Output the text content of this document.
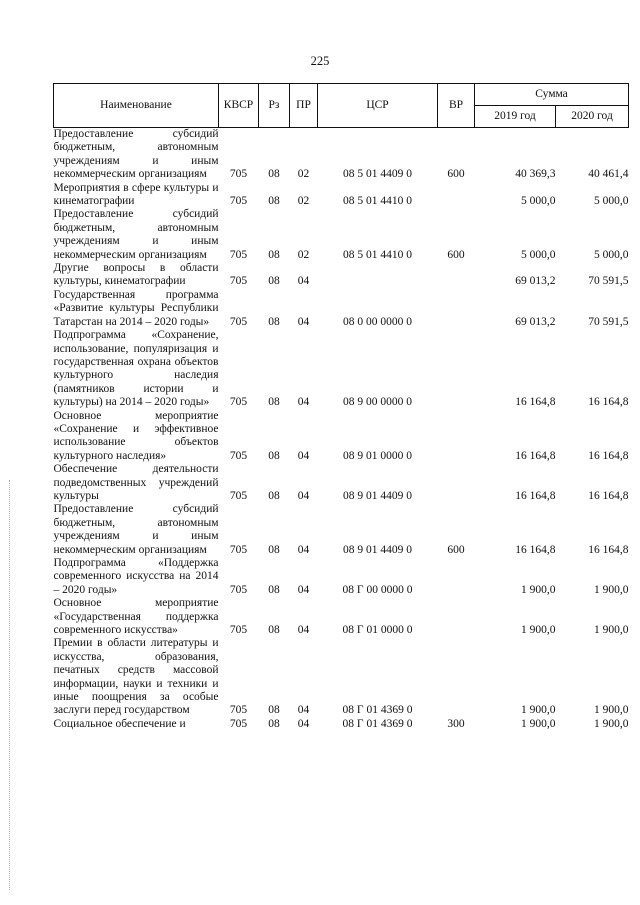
225
Наименование	КВСР	Рз	ПР	ЦСР	ВР	Сумма	
						2019 год	2020 год
Предоставление субсидий бюджетным, автономным учреждениям и иным некоммерческим организациям	705	08	02	08 5 01 4409 0	600	40 369,3	40 461,4
Мероприятия в сфере культуры и кинематографии	705	08	02	08 5 01 4410 0		5 000,0	5 000,0
Предоставление субсидий бюджетным, автономным учреждениям и иным некоммерческим организациям	705	08	02	08 5 01 4410 0	600	5 000,0	5 000,0
Другие вопросы в области культуры, кинематографии	705	08	04			69 013,2	70 591,5
Государственная программа «Развитие культуры Республики Татарстан на 2014 – 2020 годы»	705	08	04	08 0 00 0000 0		69 013,2	70 591,5
Подпрограмма «Сохранение, использование, популяризация и государственная охрана объектов культурного наследия (памятников истории и культуры) на 2014 – 2020 годы»	705	08	04	08 9 00 0000 0		16 164,8	16 164,8
Основное мероприятие «Сохранение и эффективное использование объектов культурного наследия»	705	08	04	08 9 01 0000 0		16 164,8	16 164,8
Обеспечение деятельности подведомственных учреждений культуры	705	08	04	08 9 01 4409 0		16 164,8	16 164,8
Предоставление субсидий бюджетным, автономным учреждениям и иным некоммерческим организациям	705	08	04	08 9 01 4409 0	600	16 164,8	16 164,8
Подпрограмма «Поддержка современного искусства на 2014 – 2020 годы»	705	08	04	08 Г 00 0000 0		1 900,0	1 900,0
Основное мероприятие «Государственная поддержка современного искусства»	705	08	04	08 Г 01 0000 0		1 900,0	1 900,0
Премии в области литературы и искусства, образования, печатных средств массовой информации, науки и техники и иные поощрения за особые заслуги перед государством	705	08	04	08 Г 01 4369 0		1 900,0	1 900,0
Социальное обеспечение и	705	08	04	08 Г 01 4369 0	300	1 900,0	1 900,0
